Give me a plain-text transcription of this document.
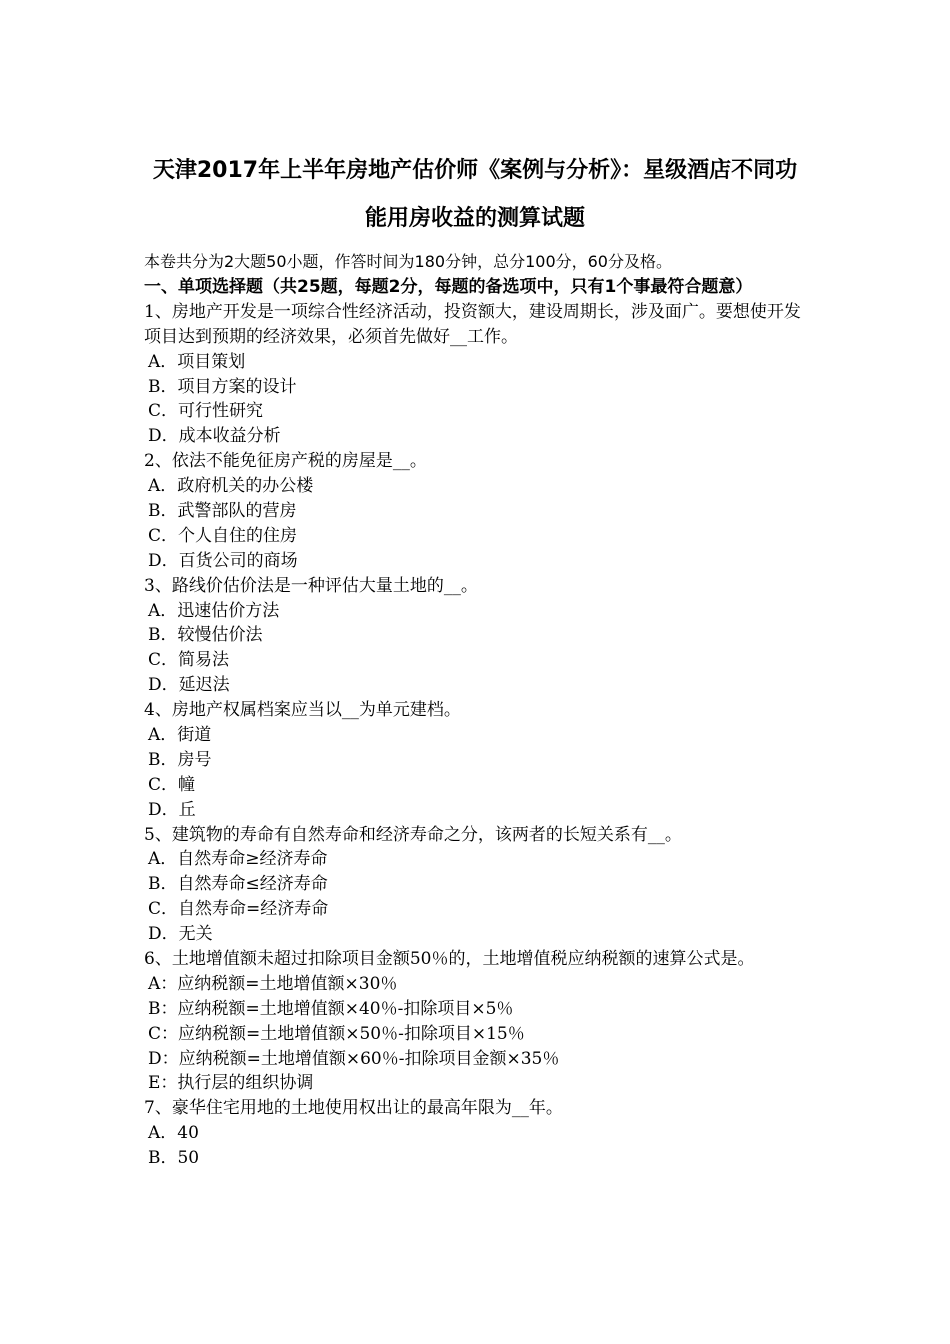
天津2017年上半年房地产估价师《案例与分析》：星级酒店不同功
能用房收益的测算试题
本卷共分为2大题50小题，作答时间为180分钟，总分100分，60分及格。
一、单项选择题（共25题，每题2分，每题的备选项中，只有1个事最符合题意）
1、房地产开发是一项综合性经济活动，投资额大，建设周期长，涉及面广。要想使开发项目达到预期的经济效果，必须首先做好__工作。
A．项目策划
B．项目方案的设计
C．可行性研究
D．成本收益分析
2、依法不能免征房产税的房屋是__。
A．政府机关的办公楼
B．武警部队的营房
C．个人自住的住房
D．百货公司的商场
3、路线价估价法是一种评估大量土地的__。
A．迅速估价方法
B．较慢估价法
C．简易法
D．延迟法
4、房地产权属档案应当以__为单元建档。
A．街道
B．房号
C．幢
D．丘
5、建筑物的寿命有自然寿命和经济寿命之分，该两者的长短关系有__。
A．自然寿命≥经济寿命
B．自然寿命≤经济寿命
C．自然寿命=经济寿命
D．无关
6、土地增值额未超过扣除项目金额50％的，土地增值税应纳税额的速算公式是。
A：应纳税额=土地增值额×30％
B：应纳税额=土地增值额×40％-扣除项目×5％
C：应纳税额=土地增值额×50％-扣除项目×15％
D：应纳税额=土地增值额×60％-扣除项目金额×35％
E：执行层的组织协调
7、豪华住宅用地的土地使用权出让的最高年限为__年。
A．40
B．50
